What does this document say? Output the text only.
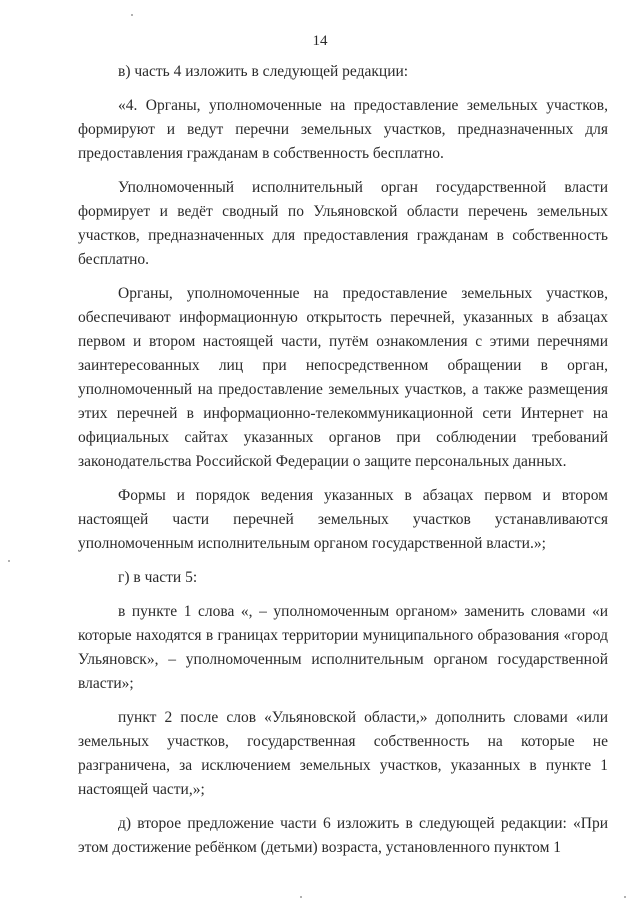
14

в) часть 4 изложить в следующей редакции:

«4. Органы, уполномоченные на предоставление земельных участков, формируют и ведут перечни земельных участков, предназначенных для предоставления гражданам в собственность бесплатно.

Уполномоченный исполнительный орган государственной власти формирует и ведёт сводный по Ульяновской области перечень земельных участков, предназначенных для предоставления гражданам в собственность бесплатно.

Органы, уполномоченные на предоставление земельных участков, обеспечивают информационную открытость перечней, указанных в абзацах первом и втором настоящей части, путём ознакомления с этими перечнями заинтересованных лиц при непосредственном обращении в орган, уполномоченный на предоставление земельных участков, а также размещения этих перечней в информационно-телекоммуникационной сети Интернет на официальных сайтах указанных органов при соблюдении требований законодательства Российской Федерации о защите персональных данных.

Формы и порядок ведения указанных в абзацах первом и втором настоящей части перечней земельных участков устанавливаются уполномоченным исполнительным органом государственной власти.»;

г) в части 5:

в пункте 1 слова «, – уполномоченным органом» заменить словами «и которые находятся в границах территории муниципального образования «город Ульяновск», – уполномоченным исполнительным органом государственной власти»;

пункт 2 после слов «Ульяновской области,» дополнить словами «или земельных участков, государственная собственность на которые не разграничена, за исключением земельных участков, указанных в пункте 1 настоящей части,»;

д) второе предложение части 6 изложить в следующей редакции: «При этом достижение ребёнком (детьми) возраста, установленного пунктом 1
